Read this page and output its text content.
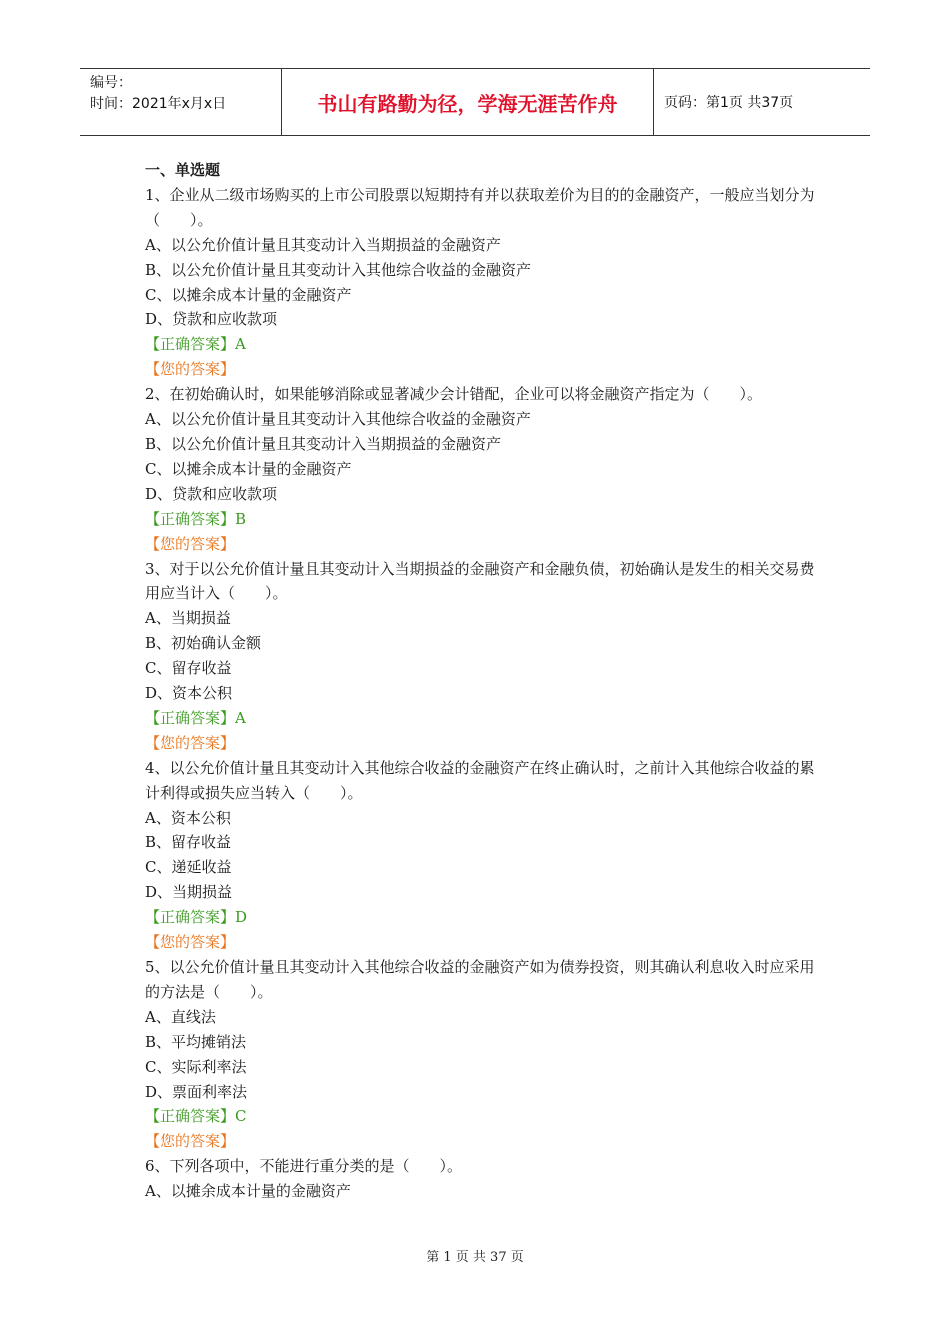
编号：
时间：2021年x月x日	书山有路勤为径，学海无涯苦作舟	页码：第1页 共37页
一、单选题
1、企业从二级市场购买的上市公司股票以短期持有并以获取差价为目的的金融资产，一般应当划分为（　　）。
A、以公允价值计量且其变动计入当期损益的金融资产
B、以公允价值计量且其变动计入其他综合收益的金融资产
C、以摊余成本计量的金融资产
D、贷款和应收款项
【正确答案】A
【您的答案】
2、在初始确认时，如果能够消除或显著减少会计错配，企业可以将金融资产指定为（　　）。
A、以公允价值计量且其变动计入其他综合收益的金融资产
B、以公允价值计量且其变动计入当期损益的金融资产
C、以摊余成本计量的金融资产
D、贷款和应收款项
【正确答案】B
【您的答案】
3、对于以公允价值计量且其变动计入当期损益的金融资产和金融负债，初始确认是发生的相关交易费用应当计入（　　）。
A、当期损益
B、初始确认金额
C、留存收益
D、资本公积
【正确答案】A
【您的答案】
4、以公允价值计量且其变动计入其他综合收益的金融资产在终止确认时，之前计入其他综合收益的累计利得或损失应当转入（　　）。
A、资本公积
B、留存收益
C、递延收益
D、当期损益
【正确答案】D
【您的答案】
5、以公允价值计量且其变动计入其他综合收益的金融资产如为债券投资，则其确认利息收入时应采用的方法是（　　）。
A、直线法
B、平均摊销法
C、实际利率法
D、票面利率法
【正确答案】C
【您的答案】
6、下列各项中，不能进行重分类的是（　　）。
A、以摊余成本计量的金融资产
第 1 页 共 37 页
